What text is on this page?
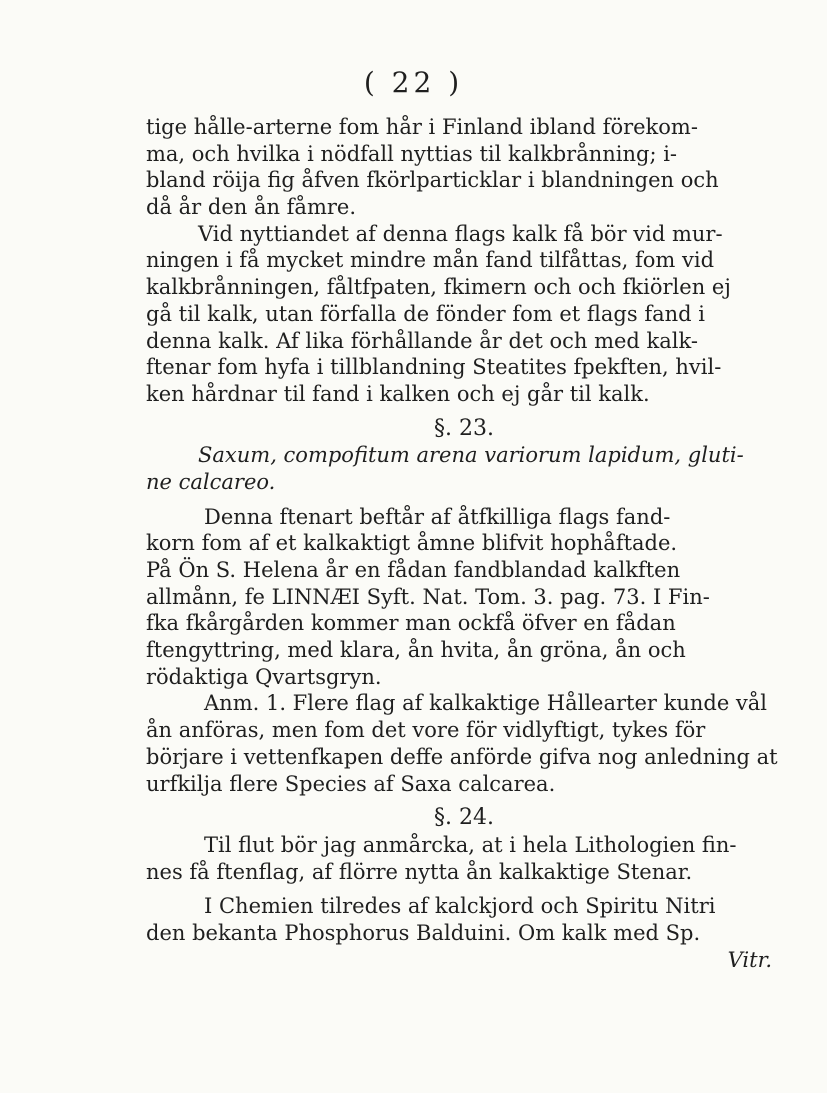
( 22 )
tige hålle-arterne fom hår i Finland ibland förekom-
ma, och hvilka i nödfall nyttias til kalkbrånning; i-
bland röija fig åfven fkörlparticklar i blandningen och
då år den ån fåmre.
Vid nyttiandet af denna flags kalk få bör vid mur-
ningen i få mycket mindre mån fand tilfåttas, fom vid
kalkbrånningen, fåltfpaten, fkimern och och fkiörlen ej
gå til kalk, utan förfalla de fönder fom et flags fand i
denna kalk. Af lika förhållande år det och med kalk-
ftenar fom hyfa i tillblandning Steatites fpekften, hvil-
ken hårdnar til fand i kalken och ej går til kalk.
§. 23.
Saxum, compofitum arena variorum lapidum, gluti-
ne calcareo.
Denna ftenart beftår af åtfkilliga flags fand-
korn fom af et kalkaktigt åmne blifvit hophåftade.
På Ön S. Helena år en fådan fandblandad kalkften
allmånn, fe LINNÆI Syft. Nat. Tom. 3. pag. 73. I Fin-
fka fkårgården kommer man ockfå öfver en fådan
ftengyttring, med klara, ån hvita, ån gröna, ån och
rödaktiga Qvartsgryn.
Anm. 1. Flere flag af kalkaktige Hållearter kunde vål
ån anföras, men fom det vore för vidlyftigt, tykes för
börjare i vettenfkapen deffe anförde gifva nog anledning at
urfkilja flere Species af Saxa calcarea.
§. 24.
Til flut bör jag anmårcka, at i hela Lithologien fin-
nes få ftenflag, af flörre nytta ån kalkaktige Stenar.
I Chemien tilredes af kalckjord och Spiritu Nitri
den bekanta Phosphorus Balduini. Om kalk med Sp.
Vitr.
